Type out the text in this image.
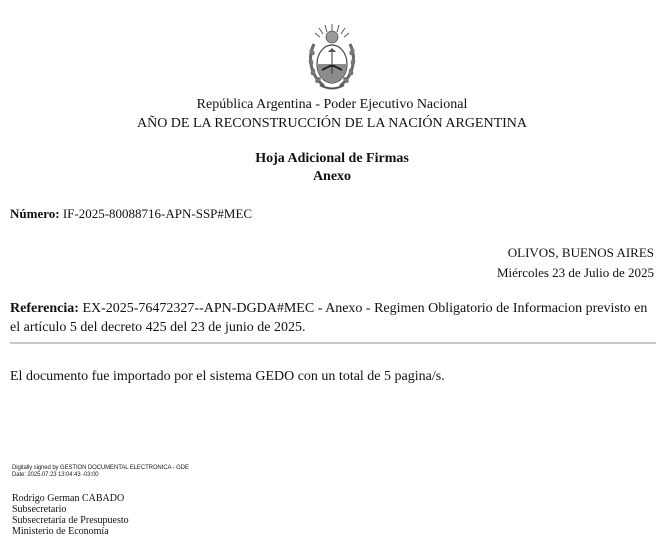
República Argentina - Poder Ejecutivo Nacional
AÑO DE LA RECONSTRUCCIÓN DE LA NACIÓN ARGENTINA
Hoja Adicional de Firmas
Anexo
Número: IF-2025-80088716-APN-SSP#MEC
OLIVOS, BUENOS AIRES
Miércoles 23 de Julio de 2025
Referencia: EX-2025-76472327--APN-DGDA#MEC - Anexo - Regimen Obligatorio de Informacion previsto en el artículo 5 del decreto 425 del 23 de junio de 2025.
El documento fue importado por el sistema GEDO con un total de 5 pagina/s.
Digitally signed by GESTION DOCUMENTAL ELECTRONICA - GDE
Date: 2025.07.23 13:04:43 -03:00
Rodrigo German CABADO
Subsecretario
Subsecretaría de Presupuesto
Ministerio de Economía
